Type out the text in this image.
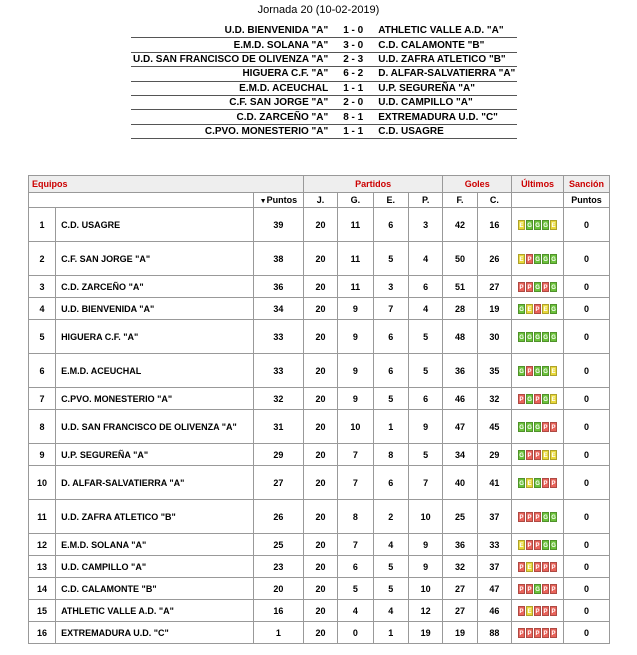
Jornada 20 (10-02-2019)
U.D. BIENVENIDA "A"	1 - 0	ATHLETIC VALLE A.D. "A"
E.M.D. SOLANA "A"	3 - 0	C.D. CALAMONTE "B"
U.D. SAN FRANCISCO DE OLIVENZA "A"	2 - 3	U.D. ZAFRA ATLETICO "B"
HIGUERA C.F. "A"	6 - 2	D. ALFAR-SALVATIERRA "A"
E.M.D. ACEUCHAL	1 - 1	U.P. SEGUREÑA "A"
C.F. SAN JORGE "A"	2 - 0	U.D. CAMPILLO "A"
C.D. ZARCEÑO "A"	8 - 1	EXTREMADURA U.D. "C"
C.PVO. MONESTERIO "A"	1 - 1	C.D. USAGRE
Equipos			Partidos				Goles		Últimos	Sanción
		▼Puntos	J.	G.	E.	P.	F.	C.		Puntos
1	C.D. USAGRE	39	20	11	6	3	42	16	E G G G E	0
2	C.F. SAN JORGE "A"	38	20	11	5	4	50	26	E P G G G	0
3	C.D. ZARCEÑO "A"	36	20	11	3	6	51	27	P P G P G	0
4	U.D. BIENVENIDA "A"	34	20	9	7	4	28	19	G E P E G	0
5	HIGUERA C.F. "A"	33	20	9	6	5	48	30	G G G G G	0
6	E.M.D. ACEUCHAL	33	20	9	6	5	36	35	G P G G E	0
7	C.PVO. MONESTERIO "A"	32	20	9	5	6	46	32	P G P G E	0
8	U.D. SAN FRANCISCO DE OLIVENZA "A"	31	20	10	1	9	47	45	G G G P P	0
9	U.P. SEGUREÑA "A"	29	20	7	8	5	34	29	G P P E E	0
10	D. ALFAR-SALVATIERRA "A"	27	20	7	6	7	40	41	G E G P P	0
11	U.D. ZAFRA ATLETICO "B"	26	20	8	2	10	25	37	P P P G G	0
12	E.M.D. SOLANA "A"	25	20	7	4	9	36	33	E P P G G	0
13	U.D. CAMPILLO "A"	23	20	6	5	9	32	37	P E P P P	0
14	C.D. CALAMONTE "B"	20	20	5	5	10	27	47	P P G P P	0
15	ATHLETIC VALLE A.D. "A"	16	20	4	4	12	27	46	P E P P P	0
16	EXTREMADURA U.D. "C"	1	20	0	1	19	19	88	P P P P P	0
